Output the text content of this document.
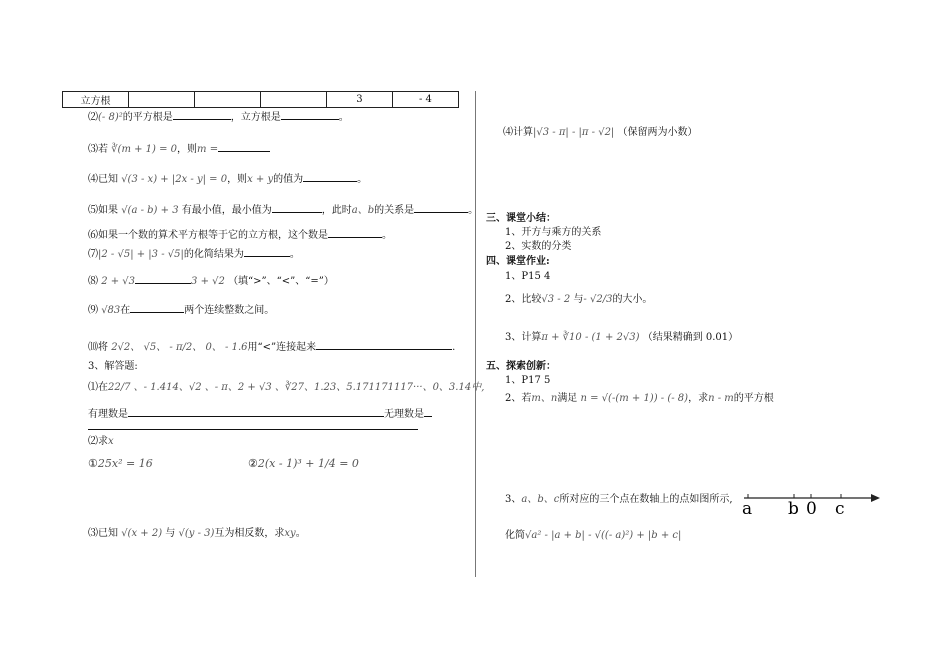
立方根				3	- 4
⑵(- 8)²的平方根是	，立方根是	。
⑶若 ∛(m + 1) = 0，则m =
⑷已知 √(3 - x) + |2x - y| = 0，则x + y的值为	。
⑸如果 √(a - b) + 3 有最小值，最小值为	，此时a、b的关系是	。
⑹如果一个数的算术平方根等于它的立方根，这个数是	。
⑺|2 - √5| + |3 - √5|的化简结果为	。
⑻ 2 + √3	3 + √2 （填“>”、“<”、“=”）
⑼ √83在	两个连续整数之间。
⑽将 2√2、 √5、 - π/2、 0、 - 1.6用“<”连接起来	.
3、解答题:
⑴在22/7 、- 1.414、√2 、- π、2 + √3 、∛27、1.23、5.171171117···、0、3.14中,
有理数是	无理数是
⑵求x
①25x² = 16	②2(x - 1)³ + 1/4 = 0
⑶已知 √(x + 2) 与 √(y - 3)互为相反数，求xy。
⑷计算|√3 - π| - |π - √2| （保留两为小数）
三、课堂小结：
1、开方与乘方的关系
2、实数的分类
四、课堂作业:
1、P15 4
2、比较√3 - 2 与- √2/3的大小。
3、计算π + ∛10 - (1 + 2√3) （结果精确到 0.01）
五、探索创新：
1、P17 5
2、若m、n满足 n = √(-(m + 1)) - (- 8)，求n - m的平方根
3、a、b、c所对应的三个点在数轴上的点如图所示,
化简√a² - |a + b| - √((- a)²) + |b + c|
a b 0 c
